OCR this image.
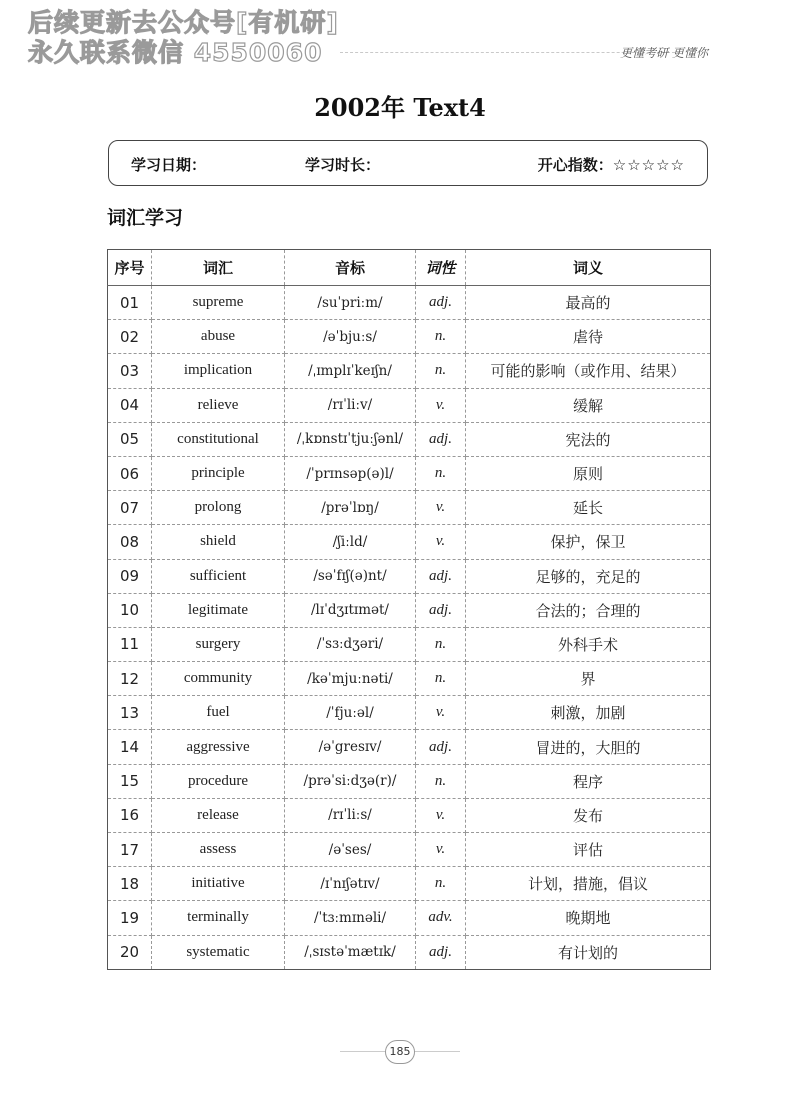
后续更新去公众号[有机研]
永久联系微信 4550060	更懂考研 更懂你
2002年 Text4
学习日期：	学习时长：	开心指数：☆☆☆☆☆
词汇学习
序号	词汇	音标	词性	词义
01	supreme	/suˈpriːm/	adj.	最高的
02	abuse	/əˈbjuːs/	n.	虐待
03	implication	/ˌɪmplɪˈkeɪʃn/	n.	可能的影响（或作用、结果）
04	relieve	/rɪˈliːv/	v.	缓解
05	constitutional	/ˌkɒnstɪˈtjuːʃənl/	adj.	宪法的
06	principle	/ˈprɪnsəp(ə)l/	n.	原则
07	prolong	/prəˈlɒŋ/	v.	延长
08	shield	/ʃiːld/	v.	保护，保卫
09	sufficient	/səˈfɪʃ(ə)nt/	adj.	足够的，充足的
10	legitimate	/lɪˈdʒɪtɪmət/	adj.	合法的；合理的
11	surgery	/ˈsɜːdʒəri/	n.	外科手术
12	community	/kəˈmjuːnəti/	n.	界
13	fuel	/ˈfjuːəl/	v.	刺激，加剧
14	aggressive	/əˈgresɪv/	adj.	冒进的，大胆的
15	procedure	/prəˈsiːdʒə(r)/	n.	程序
16	release	/rɪˈliːs/	v.	发布
17	assess	/əˈses/	v.	评估
18	initiative	/ɪˈnɪʃətɪv/	n.	计划，措施，倡议
19	terminally	/ˈtɜːmɪnəli/	adv.	晚期地
20	systematic	/ˌsɪstəˈmætɪk/	adj.	有计划的
185
